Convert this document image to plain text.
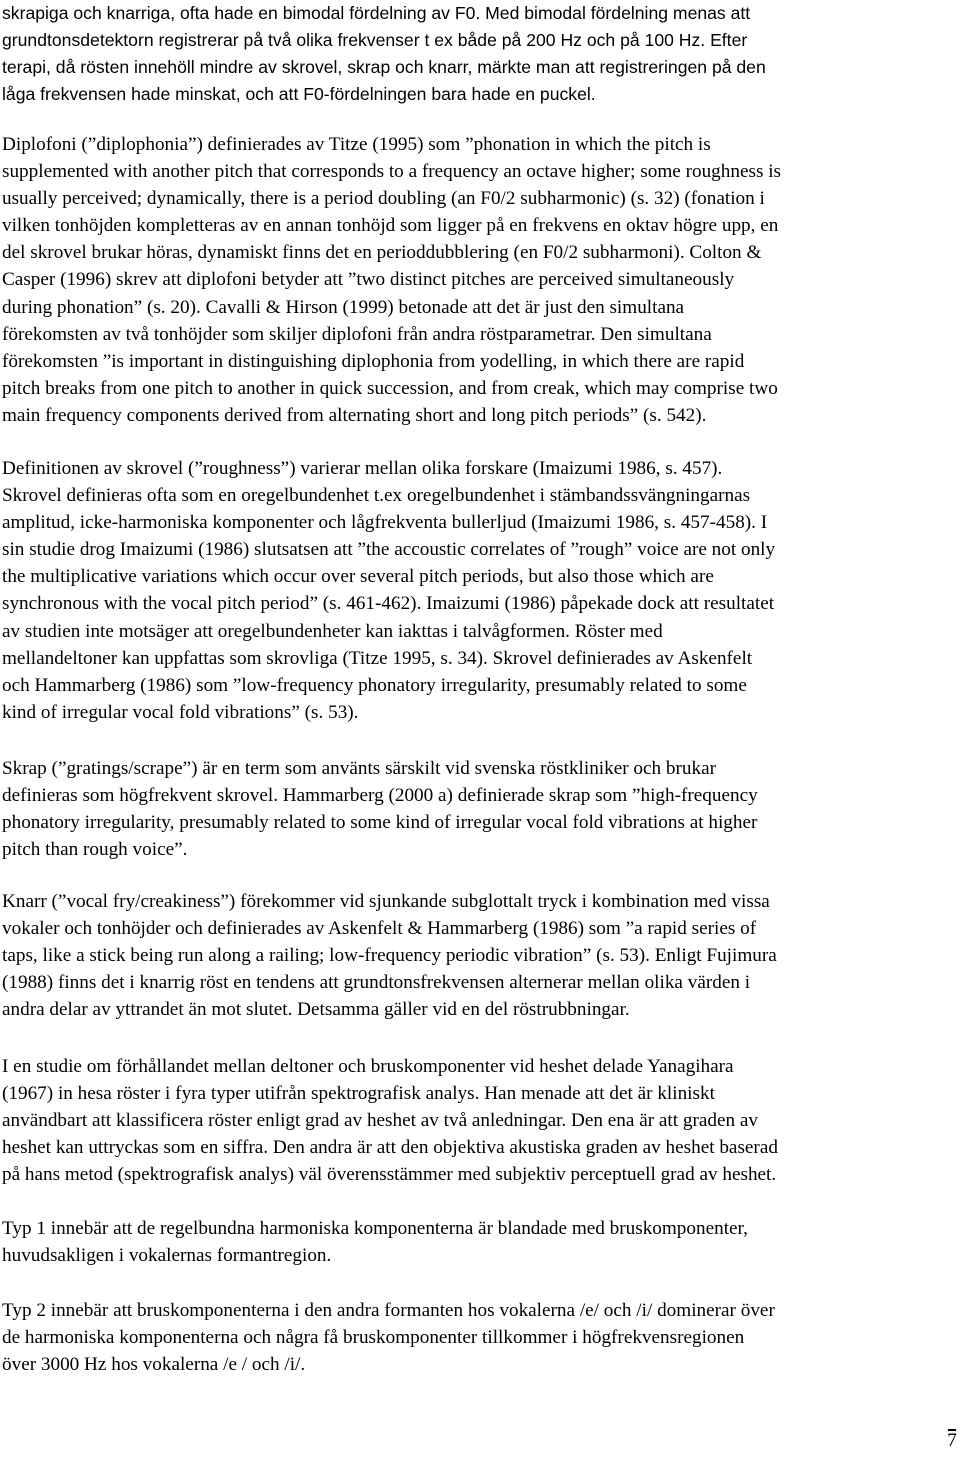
skrapiga och knarriga, ofta hade en bimodal fördelning av F0. Med bimodal fördelning menas att
grundtonsdetektorn registrerar på två olika frekvenser t ex både på 200 Hz och på 100 Hz. Efter
terapi, då rösten innehöll mindre av skrovel, skrap och knarr, märkte man att registreringen på den
låga frekvensen hade minskat, och att F0-fördelningen bara hade en puckel.

Diplofoni (”diplophonia”) definierades av Titze (1995) som ”phonation in which the pitch is
supplemented with another pitch that corresponds to a frequency an octave higher; some roughness is
usually perceived; dynamically, there is a period doubling (an F0/2 subharmonic) (s. 32) (fonation i
vilken tonhöjden kompletteras av en annan tonhöjd som ligger på en frekvens en oktav högre upp, en
del skrovel brukar höras, dynamiskt finns det en perioddubblering (en F0/2 subharmoni). Colton &
Casper (1996) skrev att diplofoni betyder att ”two distinct pitches are perceived simultaneously
during phonation” (s. 20). Cavalli & Hirson (1999) betonade att det är just den simultana
förekomsten av två tonhöjder som skiljer diplofoni från andra röstparametrar. Den simultana
förekomsten ”is important in distinguishing diplophonia from yodelling, in which there are rapid
pitch breaks from one pitch to another in quick succession, and from creak, which may comprise two
main frequency components derived from alternating short and long pitch periods” (s. 542).

Definitionen av skrovel (”roughness”) varierar mellan olika forskare (Imaizumi 1986, s. 457).
Skrovel definieras ofta som en oregelbundenhet t.ex oregelbundenhet i stämbandssvängningarnas
amplitud, icke-harmoniska komponenter och lågfrekventa bullerljud (Imaizumi 1986, s. 457-458). I
sin studie drog Imaizumi (1986) slutsatsen att ”the accoustic correlates of ”rough” voice are not only
the multiplicative variations which occur over several pitch periods, but also those which are
synchronous with the vocal pitch period” (s. 461-462). Imaizumi (1986) påpekade dock att resultatet
av studien inte motsäger att oregelbundenheter kan iakttas i talvågformen. Röster med
mellandeltoner kan uppfattas som skrovliga (Titze 1995, s. 34). Skrovel definierades av Askenfelt
och Hammarberg (1986) som ”low-frequency phonatory irregularity, presumably related to some
kind of irregular vocal fold vibrations” (s. 53).

Skrap (”gratings/scrape”) är en term som använts särskilt vid svenska röstkliniker och brukar
definieras som högfrekvent skrovel. Hammarberg (2000 a) definierade skrap som ”high-frequency
phonatory irregularity, presumably related to some kind of irregular vocal fold vibrations at higher
pitch than rough voice”.

Knarr (”vocal fry/creakiness”) förekommer vid sjunkande subglottalt tryck i kombination med vissa
vokaler och tonhöjder och definierades av Askenfelt & Hammarberg (1986) som ”a rapid series of
taps, like a stick being run along a railing; low-frequency periodic vibration” (s. 53). Enligt Fujimura
(1988) finns det i knarrig röst en tendens att grundtonsfrekvensen alternerar mellan olika värden i
andra delar av yttrandet än mot slutet. Detsamma gäller vid en del röstrubbningar.

I en studie om förhållandet mellan deltoner och bruskomponenter vid heshet delade Yanagihara
(1967) in hesa röster i fyra typer utifrån spektrografisk analys. Han menade att det är kliniskt
användbart att klassificera röster enligt grad av heshet av två anledningar. Den ena är att graden av
heshet kan uttryckas som en siffra. Den andra är att den objektiva akustiska graden av heshet baserad
på hans metod (spektrografisk analys) väl överensstämmer med subjektiv perceptuell grad av heshet.

Typ 1 innebär att de regelbundna harmoniska komponenterna är blandade med bruskomponenter,
huvudsakligen i vokalernas formantregion.

Typ 2 innebär att bruskomponenterna i den andra formanten hos vokalerna /e/ och /i/ dominerar över
de harmoniska komponenterna och några få bruskomponenter tillkommer i högfrekvensregionen
över 3000 Hz hos vokalerna /e / och /i/.

7
